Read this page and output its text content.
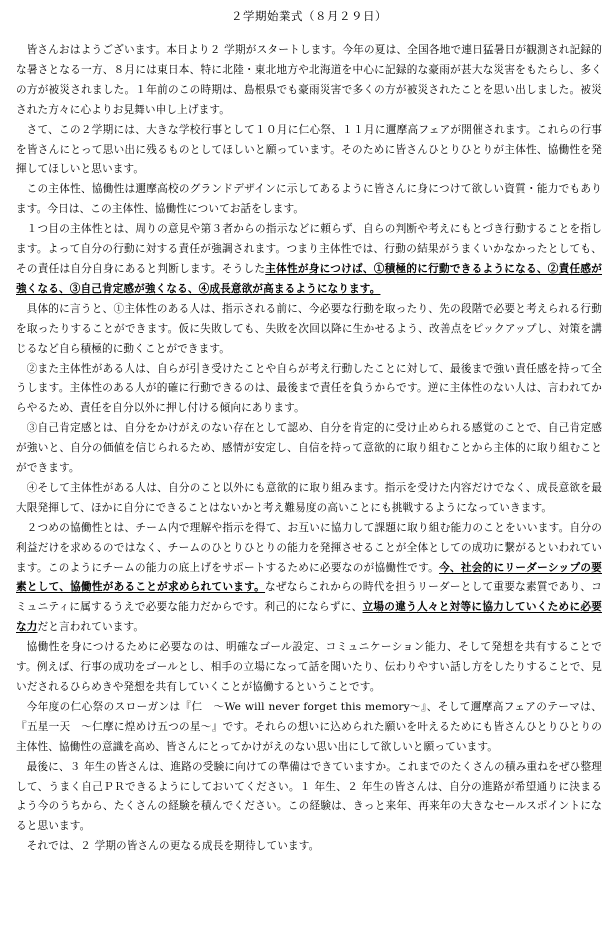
２学期始業式（８月２９日）

皆さんおはようございます。本日より２ 学期がスタートします。今年の夏は、全国各地で連日猛暑日が観測され記録的な暑さとなる一方、８月には東日本、特に北陸・東北地方や北海道を中心に記録的な豪雨が甚大な災害をもたらし、多くの方が被災されました。１年前のこの時期は、島根県でも豪雨災害で多くの方が被災されたことを思い出しました。被災された方々に心よりお見舞い申し上げます。

さて、この２学期には、大きな学校行事として１０月に仁心祭、１１月に邇摩高フェアが開催されます。これらの行事を皆さんにとって思い出に残るものとしてほしいと願っています。そのために皆さんひとりひとりが主体性、協働性を発揮してほしいと思います。

この主体性、協働性は邇摩高校のグランドデザインに示してあるように皆さんに身につけて欲しい資質・能力でもあります。今日は、この主体性、協働性についてお話をします。

１つ目の主体性とは、周りの意見や第３者からの指示などに頼らず、自らの判断や考えにもとづき行動することを指します。よって自分の行動に対する責任が強調されます。つまり主体性では、行動の結果がうまくいかなかったとしても、その責任は自分自身にあると判断します。そうした主体性が身につけば、①積極的に行動できるようになる、②責任感が強くなる、③自己肯定感が強くなる、④成長意欲が高まるようになります。

具体的に言うと、①主体性のある人は、指示される前に、今必要な行動を取ったり、先の段階で必要と考えられる行動を取ったりすることができます。仮に失敗しても、失敗を次回以降に生かせるよう、改善点をピックアップし、対策を講じるなど自ら積極的に動くことができます。

②また主体性がある人は、自らが引き受けたことや自らが考え行動したことに対して、最後まで強い責任感を持って全うします。主体性のある人が的確に行動できるのは、最後まで責任を負うからです。逆に主体性のない人は、言われてからやるため、責任を自分以外に押し付ける傾向にあります。

③自己肯定感とは、自分をかけがえのない存在として認め、自分を肯定的に受け止められる感覚のことで、自己肯定感が強いと、自分の価値を信じられるため、感情が安定し、自信を持って意欲的に取り組むことから主体的に取り組むことができます。

④そして主体性がある人は、自分のこと以外にも意欲的に取り組みます。指示を受けた内容だけでなく、成長意欲を最大限発揮して、ほかに自分にできることはないかと考え難易度の高いことにも挑戦するようになっていきます。

２つめの協働性とは、チーム内で理解や指示を得て、お互いに協力して課題に取り組む能力のことをいいます。自分の利益だけを求めるのではなく、チームのひとりひとりの能力を発揮させることが全体としての成功に繋がるといわれています。このようにチームの能力の底上げをサポートするために必要なのが協働性です。今、社会的にリーダーシップの要素として、協働性があることが求められています。なぜならこれからの時代を担うリーダーとして重要な素質であり、コミュニティに属するうえで必要な能力だからです。利己的にならずに、立場の違う人々と対等に協力していくために必要な力だと言われています。

協働性を身につけるために必要なのは、明確なゴール設定、コミュニケーション能力、そして発想を共有することです。例えば、行事の成功をゴールとし、相手の立場になって話を聞いたり、伝わりやすい話し方をしたりすることで、見いだされるひらめきや発想を共有していくことが協働するということです。

今年度の仁心祭のスローガンは『仁　～We will never forget this memory～』、そして邇摩高フェアのテーマは、『五星一天　～仁摩に煌めけ五つの星～』です。それらの想いに込められた願いを叶えるためにも皆さんひとりひとりの主体性、協働性の意識を高め、皆さんにとってかけがえのない思い出にして欲しいと願っています。

最後に、３ 年生の皆さんは、進路の受験に向けての準備はできていますか。これまでのたくさんの積み重ねをぜひ整理して、うまく自己ＰＲできるようにしておいてください。１ 年生、２ 年生の皆さんは、自分の進路が希望通りに決まるよう今のうちから、たくさんの経験を積んでください。この経験は、きっと来年、再来年の大きなセールスポイントになると思います。

それでは、２ 学期の皆さんの更なる成長を期待しています。
